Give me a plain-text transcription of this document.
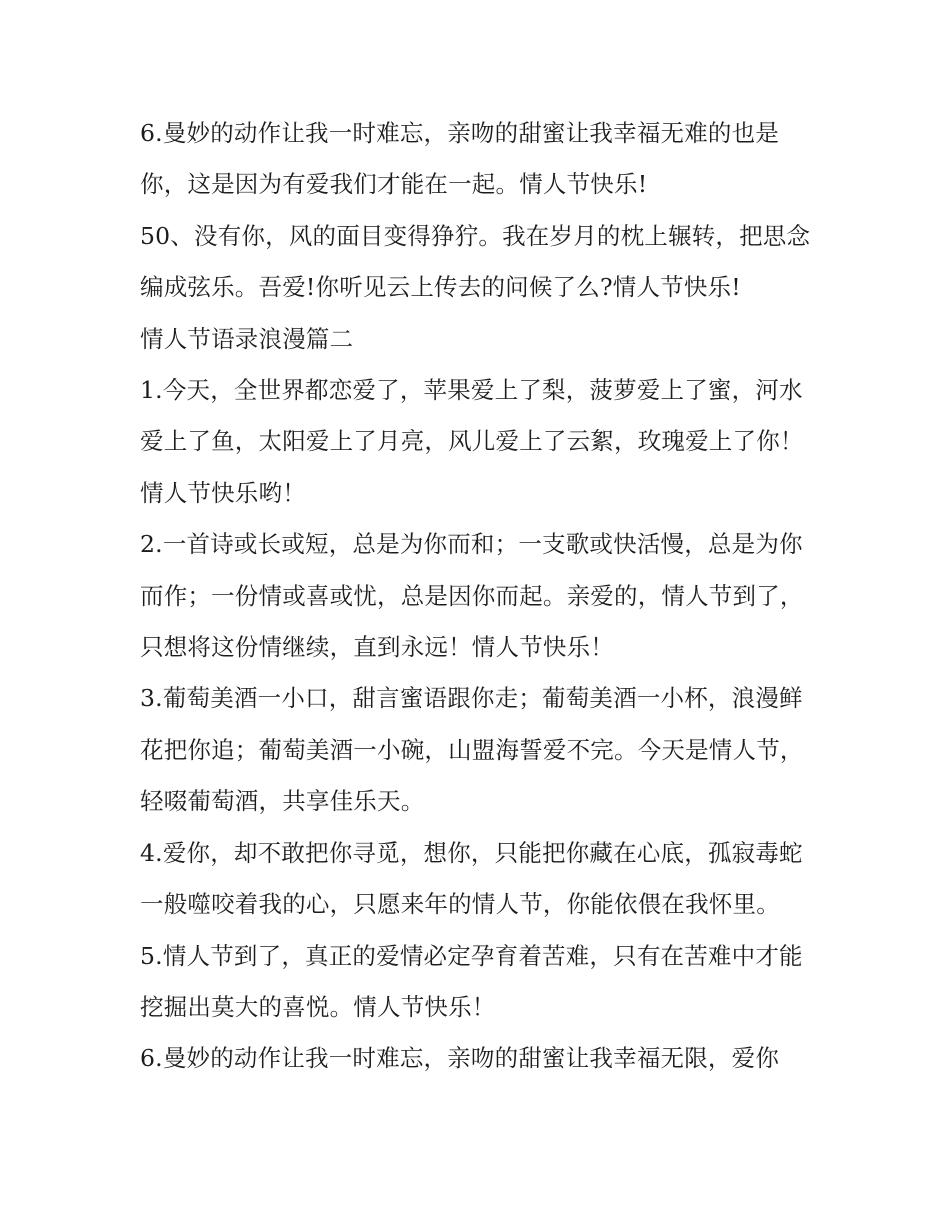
6.曼妙的动作让我一时难忘，亲吻的甜蜜让我幸福无难的也是你，这是因为有爱我们才能在一起。情人节快乐!

50、没有你，风的面目变得狰狞。我在岁月的枕上辗转，把思念编成弦乐。吾爱!你听见云上传去的问候了么?情人节快乐!

情人节语录浪漫篇二

1.今天，全世界都恋爱了，苹果爱上了梨，菠萝爱上了蜜，河水爱上了鱼，太阳爱上了月亮，风儿爱上了云絮，玫瑰爱上了你！情人节快乐哟！

2.一首诗或长或短，总是为你而和；一支歌或快活慢，总是为你而作；一份情或喜或忧，总是因你而起。亲爱的，情人节到了，只想将这份情继续，直到永远！情人节快乐！

3.葡萄美酒一小口，甜言蜜语跟你走；葡萄美酒一小杯，浪漫鲜花把你追；葡萄美酒一小碗，山盟海誓爱不完。今天是情人节，轻啜葡萄酒，共享佳乐天。

4.爱你，却不敢把你寻觅，想你，只能把你藏在心底，孤寂毒蛇一般噬咬着我的心，只愿来年的情人节，你能依偎在我怀里。

5.情人节到了，真正的爱情必定孕育着苦难，只有在苦难中才能挖掘出莫大的喜悦。情人节快乐！

6.曼妙的动作让我一时难忘，亲吻的甜蜜让我幸福无限，爱你
